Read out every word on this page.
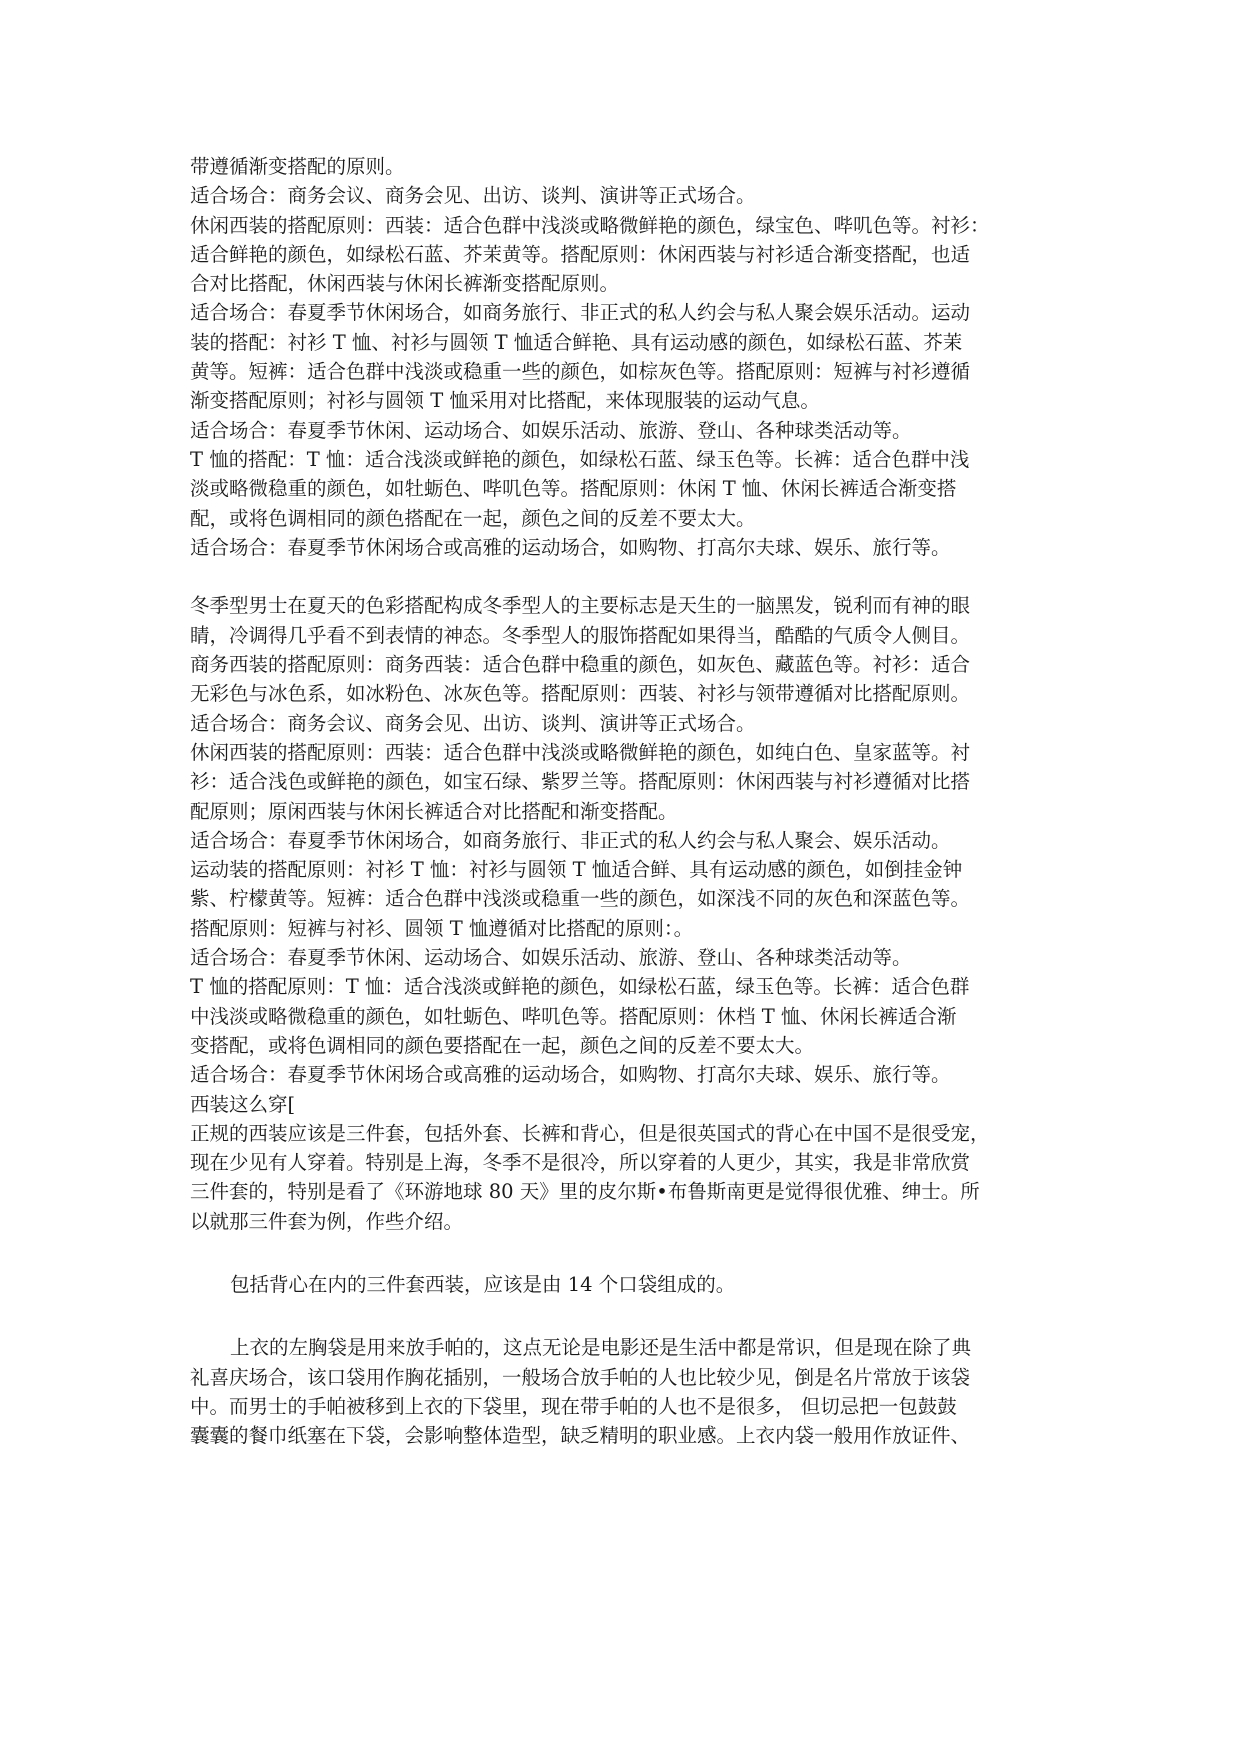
带遵循渐变搭配的原则。
适合场合：商务会议、商务会见、出访、谈判、演讲等正式场合。
休闲西装的搭配原则：西装：适合色群中浅淡或略微鲜艳的颜色，绿宝色、哔叽色等。衬衫：
适合鲜艳的颜色，如绿松石蓝、芥茉黄等。搭配原则：休闲西装与衬衫适合渐变搭配，也适
合对比搭配，休闲西装与休闲长裤渐变搭配原则。
适合场合：春夏季节休闲场合，如商务旅行、非正式的私人约会与私人聚会娱乐活动。运动
装的搭配：衬衫 T 恤、衬衫与圆领 T 恤适合鲜艳、具有运动感的颜色，如绿松石蓝、芥茉
黄等。短裤：适合色群中浅淡或稳重一些的颜色，如棕灰色等。搭配原则：短裤与衬衫遵循
渐变搭配原则；衬衫与圆领 T 恤采用对比搭配，来体现服装的运动气息。
适合场合：春夏季节休闲、运动场合、如娱乐活动、旅游、登山、各种球类活动等。
T 恤的搭配：T 恤：适合浅淡或鲜艳的颜色，如绿松石蓝、绿玉色等。长裤：适合色群中浅
淡或略微稳重的颜色，如牡蛎色、哔叽色等。搭配原则：休闲 T 恤、休闲长裤适合渐变搭
配，或将色调相同的颜色搭配在一起，颜色之间的反差不要太大。
适合场合：春夏季节休闲场合或高雅的运动场合，如购物、打高尔夫球、娱乐、旅行等。
冬季型男士在夏天的色彩搭配构成冬季型人的主要标志是天生的一脑黑发，锐利而有神的眼
睛，冷调得几乎看不到表情的神态。冬季型人的服饰搭配如果得当，酷酷的气质令人侧目。
商务西装的搭配原则：商务西装：适合色群中稳重的颜色，如灰色、藏蓝色等。衬衫：适合
无彩色与冰色系，如冰粉色、冰灰色等。搭配原则：西装、衬衫与领带遵循对比搭配原则。
适合场合：商务会议、商务会见、出访、谈判、演讲等正式场合。
休闲西装的搭配原则：西装：适合色群中浅淡或略微鲜艳的颜色，如纯白色、皇家蓝等。衬
衫：适合浅色或鲜艳的颜色，如宝石绿、紫罗兰等。搭配原则：休闲西装与衬衫遵循对比搭
配原则；原闲西装与休闲长裤适合对比搭配和渐变搭配。
适合场合：春夏季节休闲场合，如商务旅行、非正式的私人约会与私人聚会、娱乐活动。
运动装的搭配原则：衬衫 T 恤：衬衫与圆领 T 恤适合鲜、具有运动感的颜色，如倒挂金钟
紫、柠檬黄等。短裤：适合色群中浅淡或稳重一些的颜色，如深浅不同的灰色和深蓝色等。
搭配原则：短裤与衬衫、圆领 T 恤遵循对比搭配的原则：。
适合场合：春夏季节休闲、运动场合、如娱乐活动、旅游、登山、各种球类活动等。
T 恤的搭配原则：T 恤：适合浅淡或鲜艳的颜色，如绿松石蓝，绿玉色等。长裤：适合色群
中浅淡或略微稳重的颜色，如牡蛎色、哔叽色等。搭配原则：休档 T 恤、休闲长裤适合渐
变搭配，或将色调相同的颜色要搭配在一起，颜色之间的反差不要太大。
适合场合：春夏季节休闲场合或高雅的运动场合，如购物、打高尔夫球、娱乐、旅行等。
西装这么穿[
正规的西装应该是三件套，包括外套、长裤和背心，但是很英国式的背心在中国不是很受宠，
现在少见有人穿着。特别是上海，冬季不是很冷，所以穿着的人更少，其实，我是非常欣赏
三件套的，特别是看了《环游地球 80 天》里的皮尔斯•布鲁斯南更是觉得很优雅、绅士。所
以就那三件套为例，作些介绍。
包括背心在内的三件套西装，应该是由 14 个口袋组成的。
上衣的左胸袋是用来放手帕的，这点无论是电影还是生活中都是常识，但是现在除了典
礼喜庆场合，该口袋用作胸花插别，一般场合放手帕的人也比较少见，倒是名片常放于该袋
中。而男士的手帕被移到上衣的下袋里，现在带手帕的人也不是很多， 但切忌把一包鼓鼓
囊囊的餐巾纸塞在下袋，会影响整体造型，缺乏精明的职业感。上衣内袋一般用作放证件、
